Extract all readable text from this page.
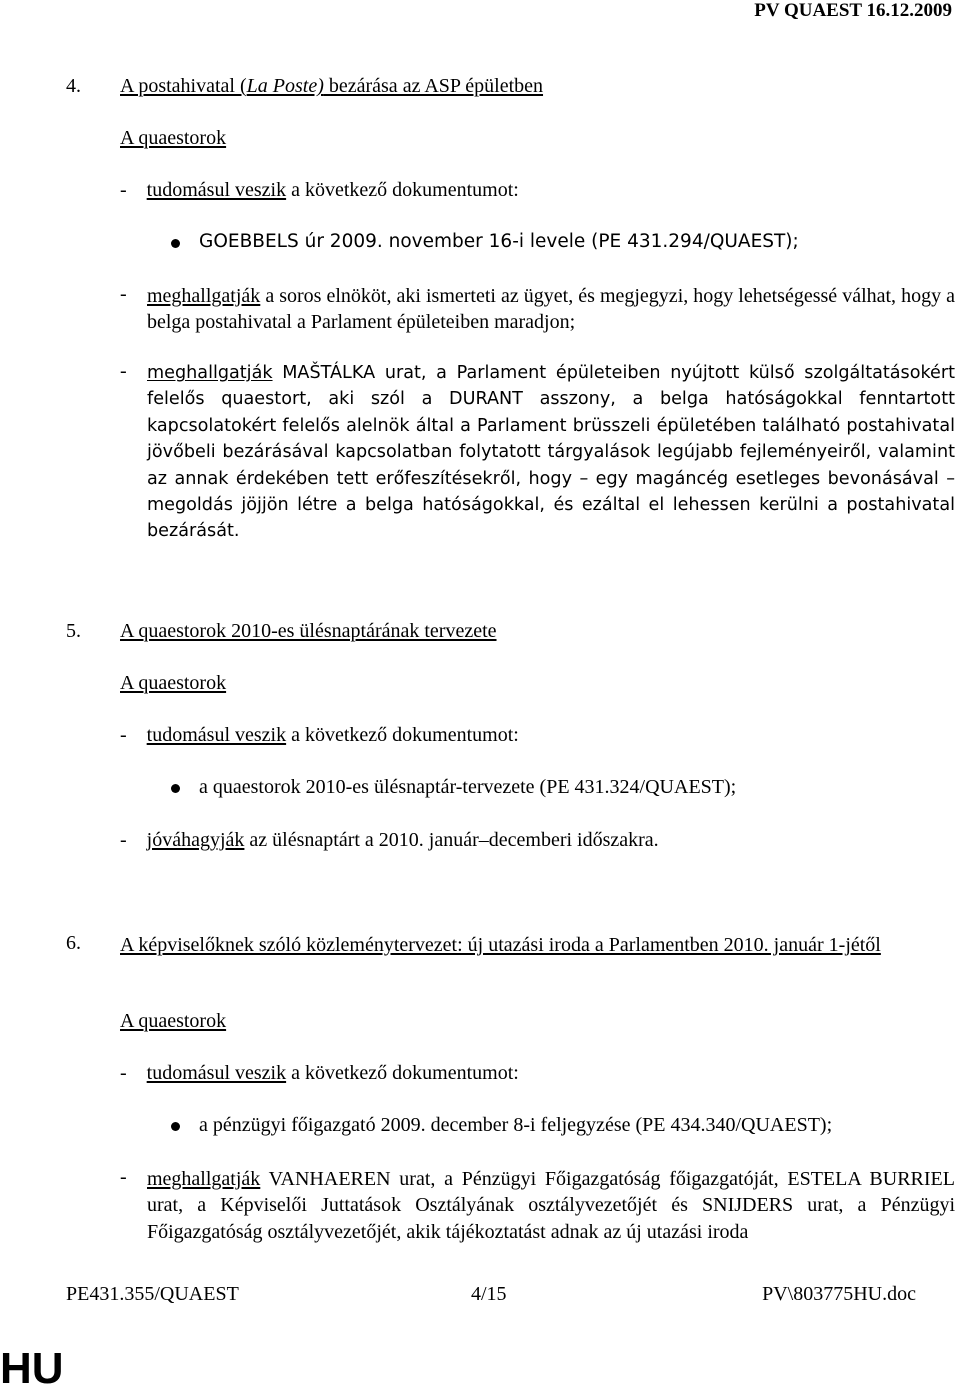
PV QUAEST 16.12.2009
4. A postahivatal (La Poste) bezárása az ASP épületben
A quaestorok
- tudomásul veszik a következő dokumentumot:
GOEBBELS úr 2009. november 16-i levele (PE 431.294/QUAEST);
- meghallgatják a soros elnököt, aki ismerteti az ügyet, és megjegyzi, hogy lehetségessé válhat, hogy a belga postahivatal a Parlament épületeiben maradjon;
- meghallgatják MAŠTÁLKA urat, a Parlament épületeiben nyújtott külső szolgáltatásokért felelős quaestort, aki szól a DURANT asszony, a belga hatóságokkal fenntartott kapcsolatokért felelős alelnök által a Parlament brüsszeli épületében található postahivatal jövőbeli bezárásával kapcsolatban folytatott tárgyalások legújabb fejleményeiről, valamint az annak érdekében tett erőfeszítésekről, hogy – egy magáncég esetleges bevonásával – megoldás jöjjön létre a belga hatóságokkal, és ezáltal el lehessen kerülni a postahivatal bezárását.
5. A quaestorok 2010-es ülésnaptárának tervezete
A quaestorok
- tudomásul veszik a következő dokumentumot:
a quaestorok 2010-es ülésnaptár-tervezete (PE 431.324/QUAEST);
- jóváhagyják az ülésnaptárt a 2010. január–decemberi időszakra.
6. A képviselőknek szóló közleménytervezet: új utazási iroda a Parlamentben 2010. január 1-jétől
A quaestorok
- tudomásul veszik a következő dokumentumot:
a pénzügyi főigazgató 2009. december 8-i feljegyzése (PE 434.340/QUAEST);
- meghallgatják VANHAEREN urat, a Pénzügyi Főigazgatóság főigazgatóját, ESTELA BURRIEL urat, a Képviselői Juttatások Osztályának osztályvezetőjét és SNIJDERS urat, a Pénzügyi Főigazgatóság osztályvezetőjét, akik tájékoztatást adnak az új utazási iroda
PE431.355/QUAEST	4/15	PV\803775HU.doc
HU
